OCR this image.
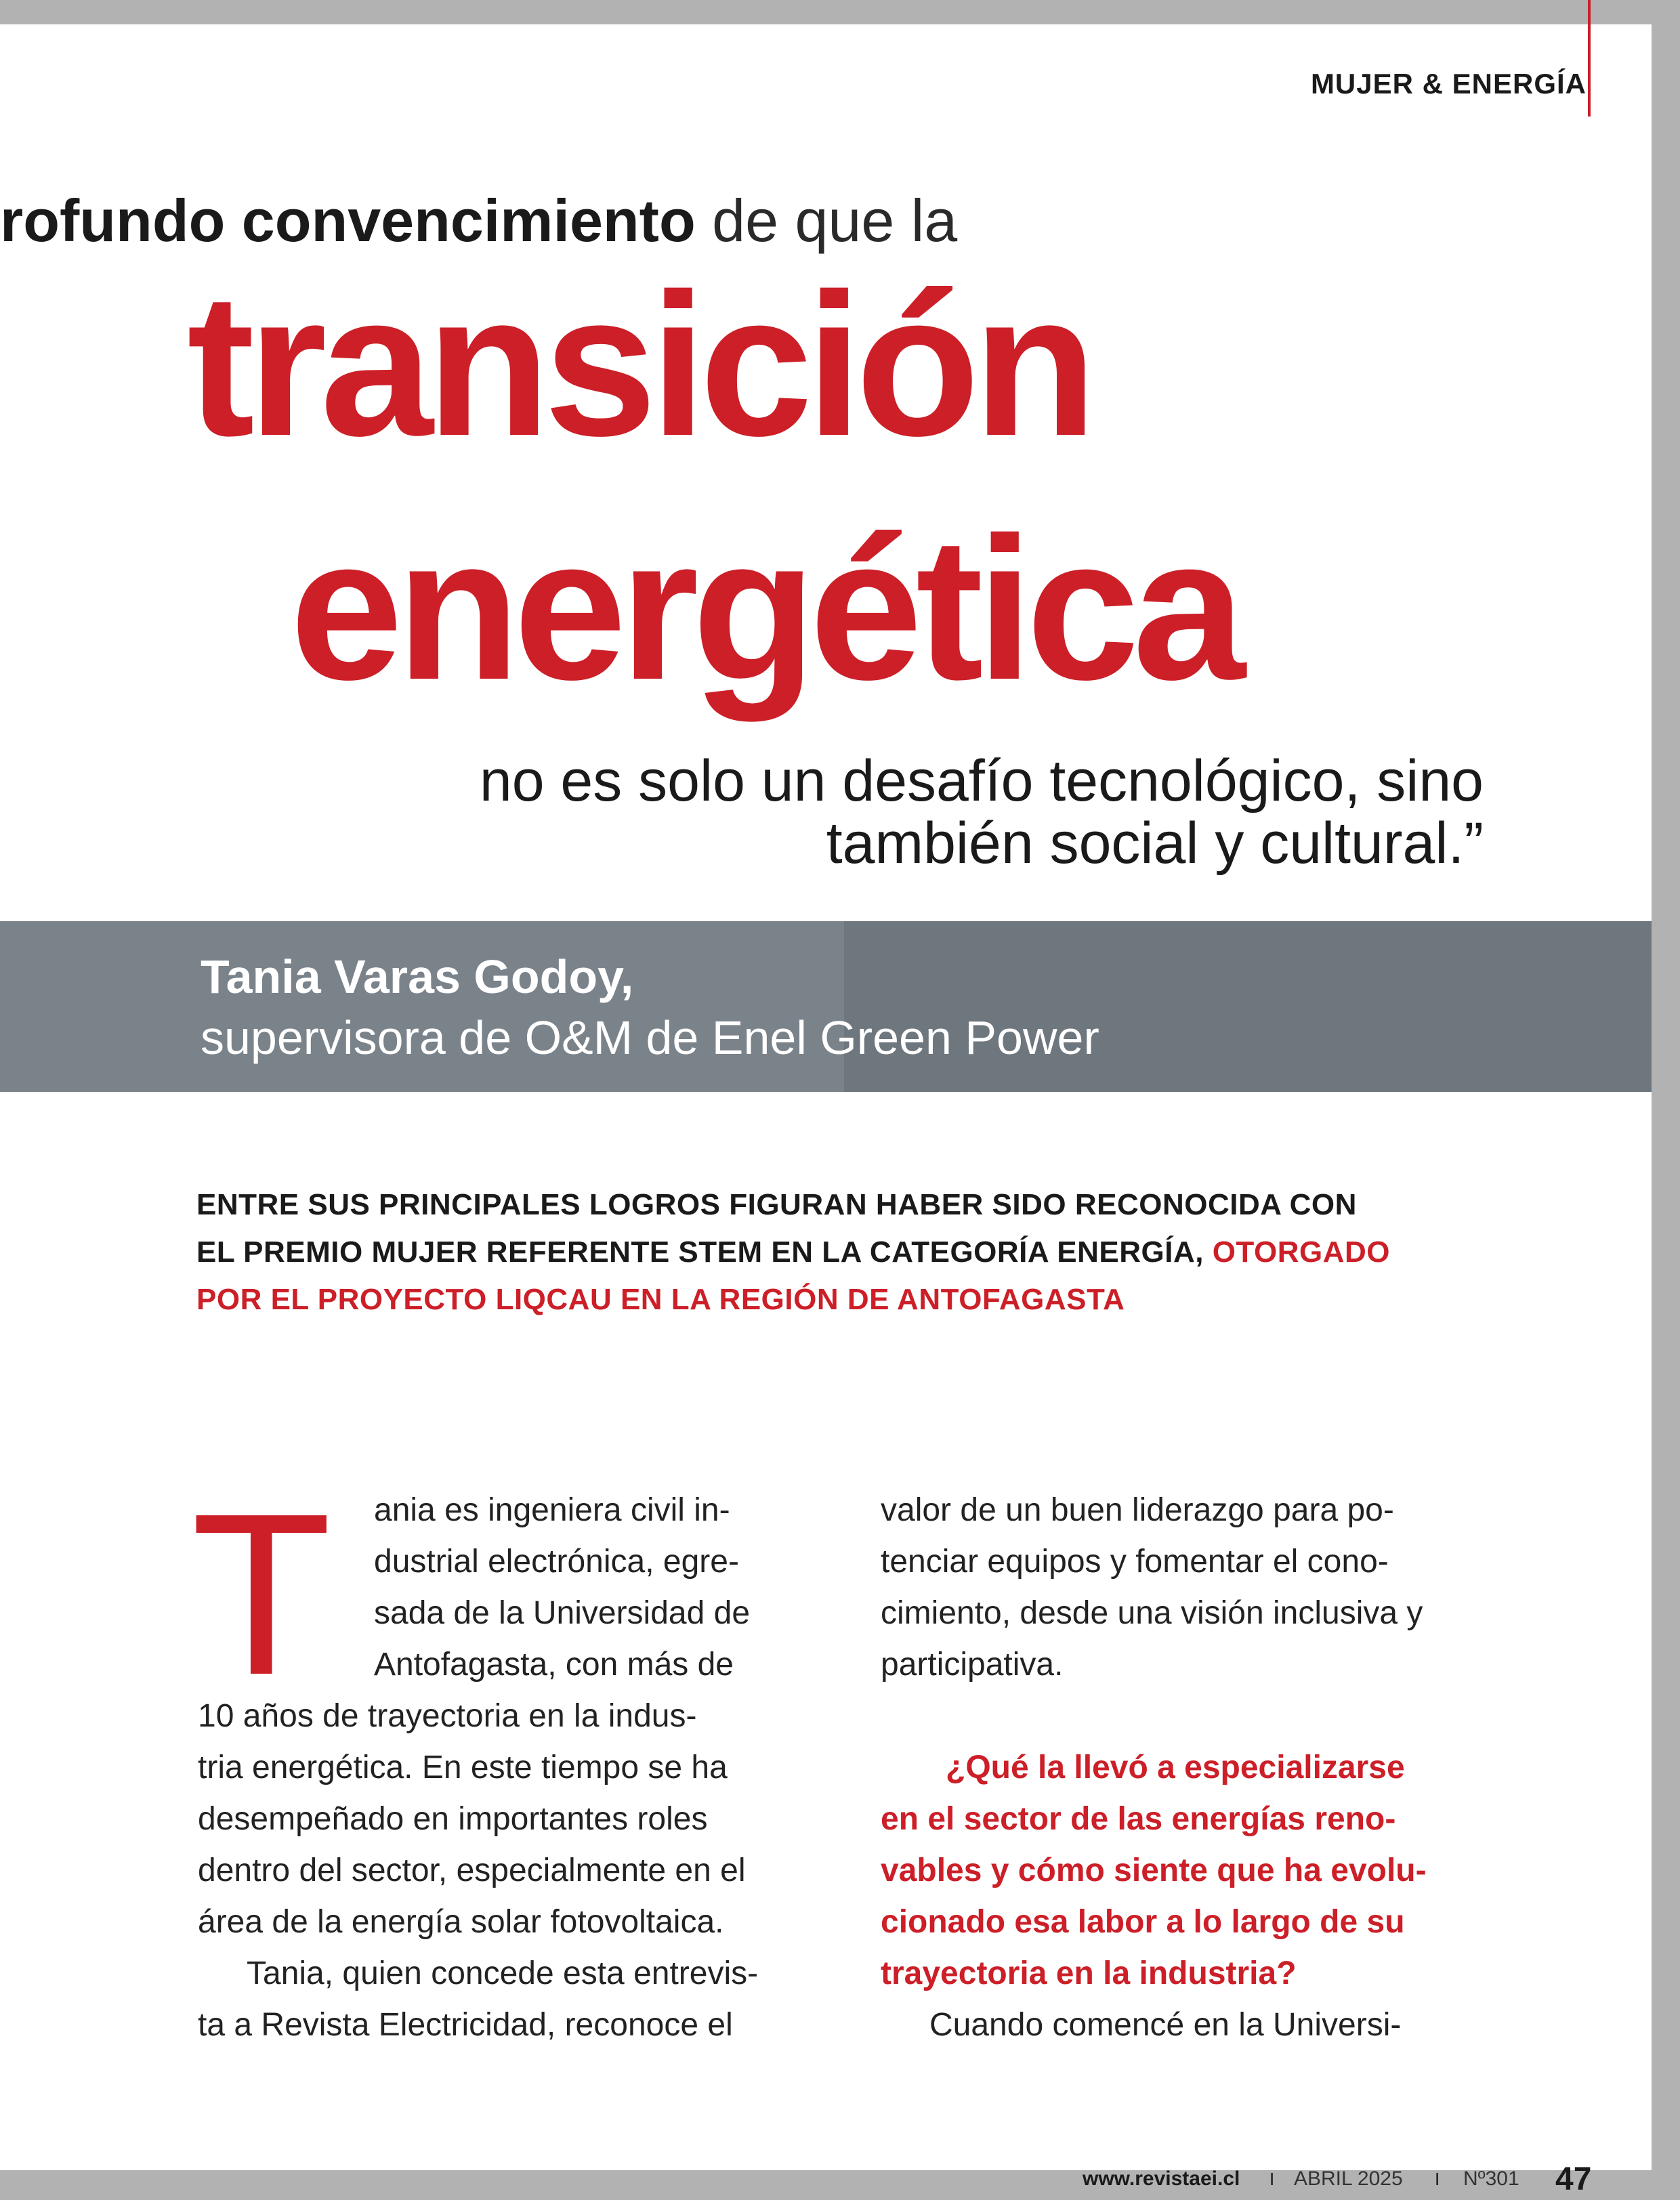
MUJER & ENERGÍA
rofundo convencimiento de que la
transición
energética
no es solo un desafío tecnológico, sino
también social y cultural.”
Tania Varas Godoy,
supervisora de O&M de Enel Green Power
ENTRE SUS PRINCIPALES LOGROS FIGURAN HABER SIDO RECONOCIDA CON
EL PREMIO MUJER REFERENTE STEM EN LA CATEGORÍA ENERGÍA, OTORGADO
POR EL PROYECTO LIQCAU EN LA REGIÓN DE ANTOFAGASTA
T ania es ingeniera civil in-
dustrial electrónica, egre-
sada de la Universidad de
Antofagasta, con más de
10 años de trayectoria en la indus-
tria energética. En este tiempo se ha
desempeñado en importantes roles
dentro del sector, especialmente en el
área de la energía solar fotovoltaica.
Tania, quien concede esta entrevis-
ta a Revista Electricidad, reconoce el
valor de un buen liderazgo para po-
tenciar equipos y fomentar el cono-
cimiento, desde una visión inclusiva y
participativa.
¿Qué la llevó a especializarse
en el sector de las energías reno-
vables y cómo siente que ha evolu-
cionado esa labor a lo largo de su
trayectoria en la industria?
Cuando comencé en la Universi-
www.revistaei.cl I ABRIL 2025 I Nº301 47
